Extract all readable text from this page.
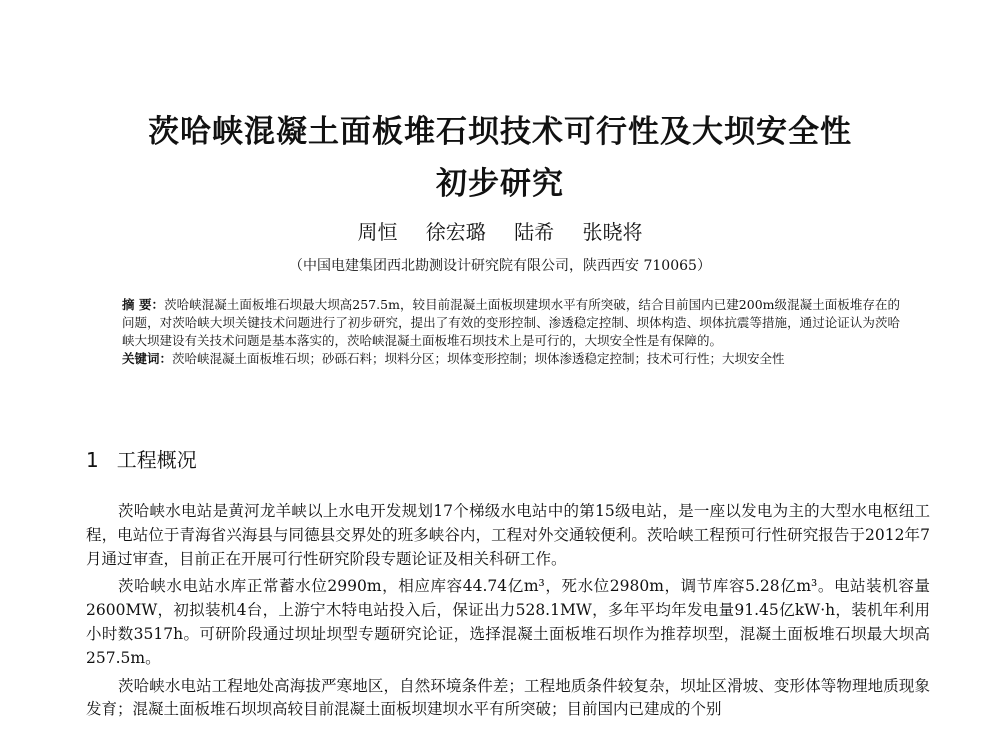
茨哈峡混凝土面板堆石坝技术可行性及大坝安全性
初步研究
周恒 徐宏璐 陆希 张晓将
（中国电建集团西北勘测设计研究院有限公司，陕西西安 710065）

摘 要：茨哈峡混凝土面板堆石坝最大坝高257.5m，较目前混凝土面板坝建坝水平有所突破，结合目前国内已建200m级混凝土面板堆存在的问题，对茨哈峡大坝关键技术问题进行了初步研究，提出了有效的变形控制、渗透稳定控制、坝体构造、坝体抗震等措施，通过论证认为茨哈峡大坝建设有关技术问题是基本落实的，茨哈峡混凝土面板堆石坝技术上是可行的，大坝安全性是有保障的。

关键词：茨哈峡混凝土面板堆石坝；砂砾石料；坝料分区；坝体变形控制；坝体渗透稳定控制；技术可行性；大坝安全性

1 工程概况

茨哈峡水电站是黄河龙羊峡以上水电开发规划17个梯级水电站中的第15级电站，是一座以发电为主的大型水电枢纽工程，电站位于青海省兴海县与同德县交界处的班多峡谷内，工程对外交通较便利。茨哈峡工程预可行性研究报告于2012年7月通过审查，目前正在开展可行性研究阶段专题论证及相关科研工作。

茨哈峡水电站水库正常蓄水位2990m，相应库容44.74亿m³，死水位2980m，调节库容5.28亿m³。电站装机容量2600MW，初拟装机4台，上游宁木特电站投入后，保证出力528.1MW，多年平均年发电量91.45亿kW·h，装机年利用小时数3517h。可研阶段通过坝址坝型专题研究论证，选择混凝土面板堆石坝作为推荐坝型，混凝土面板堆石坝最大坝高257.5m。

茨哈峡水电站工程地处高海拔严寒地区，自然环境条件差；工程地质条件较复杂，坝址区滑坡、变形体等物理地质现象发育；混凝土面板堆石坝坝高较目前混凝土面板坝建坝水平有所突破；目前国内已建成的个别
